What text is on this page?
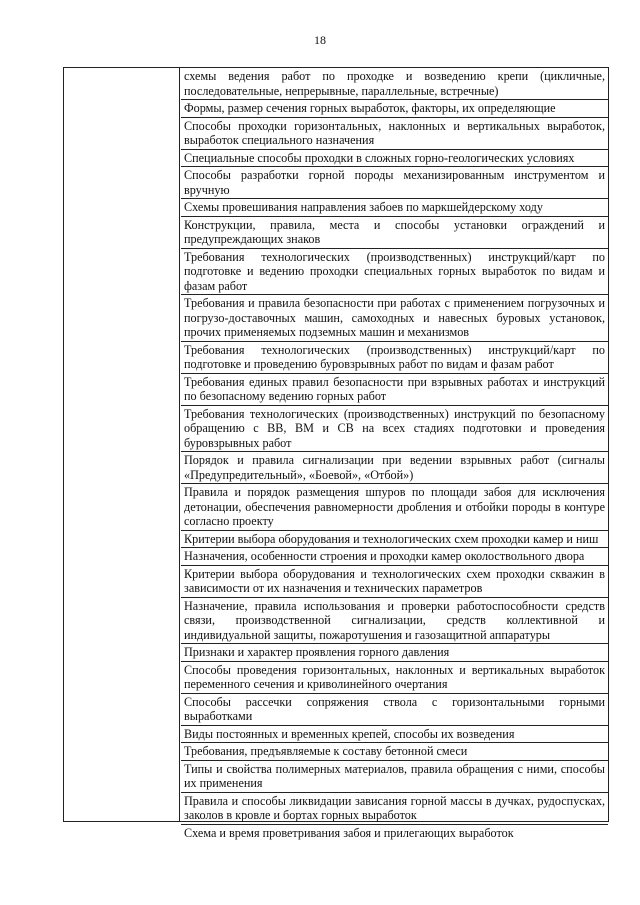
18
схемы ведения работ по проходке и возведению крепи (цикличные, последовательные, непрерывные, параллельные, встречные)
Формы, размер сечения горных выработок, факторы, их определяющие
Способы проходки горизонтальных, наклонных и вертикальных выработок, выработок специального назначения
Специальные способы проходки в сложных горно-геологических условиях
Способы разработки горной породы механизированным инструментом и вручную
Схемы провешивания направления забоев по маркшейдерскому ходу
Конструкции, правила, места и способы установки ограждений и предупреждающих знаков
Требования технологических (производственных) инструкций/карт по подготовке и ведению проходки специальных горных выработок по видам и фазам работ
Требования и правила безопасности при работах с применением погрузочных и погрузо-доставочных машин, самоходных и навесных буровых установок, прочих применяемых подземных машин и механизмов
Требования технологических (производственных) инструкций/карт по подготовке и проведению буровзрывных работ по видам и фазам работ
Требования единых правил безопасности при взрывных работах и инструкций по безопасному ведению горных работ
Требования технологических (производственных) инструкций по безопасному обращению с ВВ, ВМ и СВ на всех стадиях подготовки и проведения буровзрывных работ
Порядок и правила сигнализации при ведении взрывных работ (сигналы «Предупредительный», «Боевой», «Отбой»)
Правила и порядок размещения шпуров по площади забоя для исключения детонации, обеспечения равномерности дробления и отбойки породы в контуре согласно проекту
Критерии выбора оборудования и технологических схем проходки камер и ниш
Назначения, особенности строения и проходки камер околоствольного двора
Критерии выбора оборудования и технологических схем проходки скважин в зависимости от их назначения и технических параметров
Назначение, правила использования и проверки работоспособности средств связи, производственной сигнализации, средств коллективной и индивидуальной защиты, пожаротушения и газозащитной аппаратуры
Признаки и характер проявления горного давления
Способы проведения горизонтальных, наклонных и вертикальных выработок переменного сечения и криволинейного очертания
Способы рассечки сопряжения ствола с горизонтальными горными выработками
Виды постоянных и временных крепей, способы их возведения
Требования, предъявляемые к составу бетонной смеси
Типы и свойства полимерных материалов, правила обращения с ними, способы их применения
Правила и способы ликвидации зависания горной массы в дучках, рудоспусках, заколов в кровле и бортах горных выработок
Схема и время проветривания забоя и прилегающих выработок
